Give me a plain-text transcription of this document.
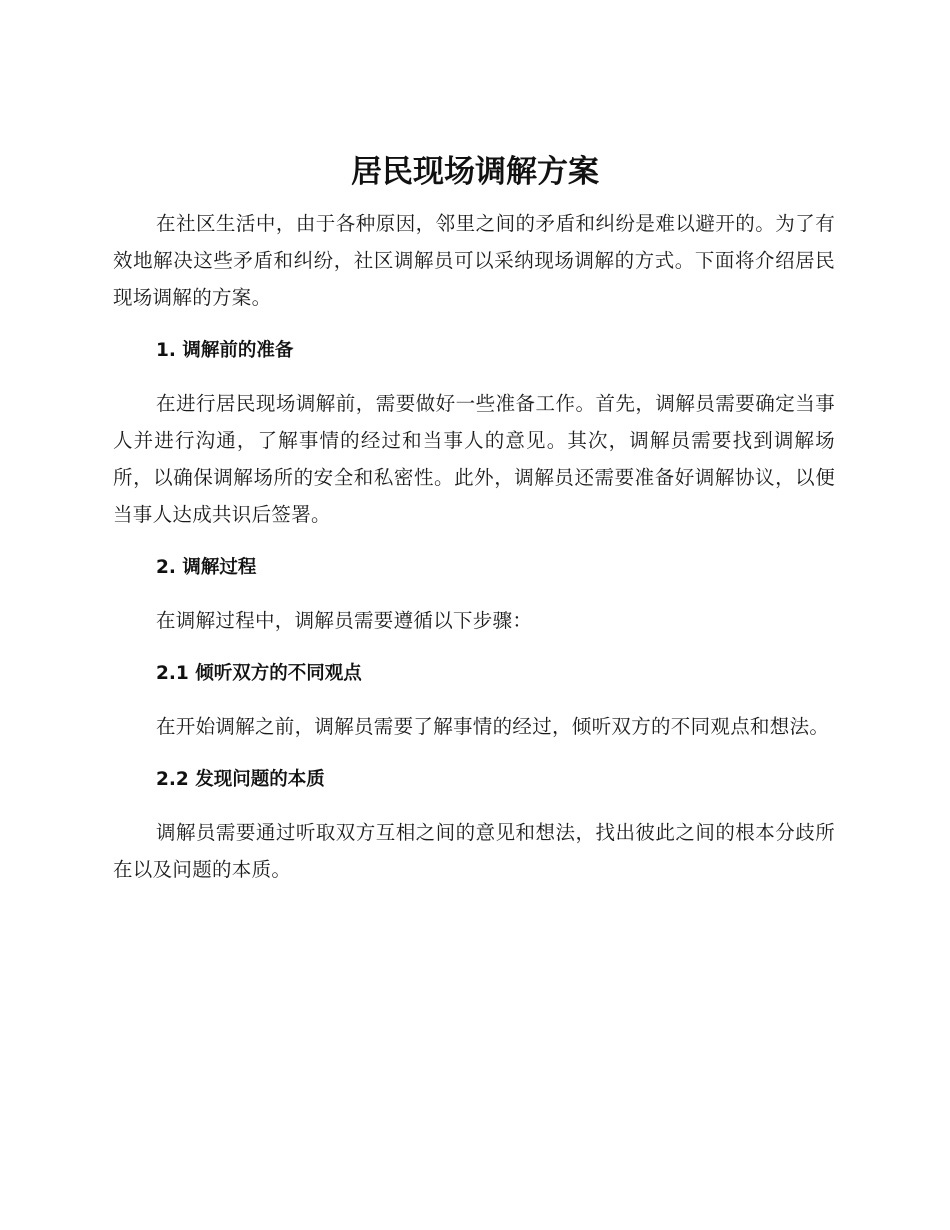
居民现场调解方案

在社区生活中，由于各种原因，邻里之间的矛盾和纠纷是难以避开的。为了有效地解决这些矛盾和纠纷，社区调解员可以采纳现场调解的方式。下面将介绍居民现场调解的方案。

1. 调解前的准备

在进行居民现场调解前，需要做好一些准备工作。首先，调解员需要确定当事人并进行沟通，了解事情的经过和当事人的意见。其次，调解员需要找到调解场所，以确保调解场所的安全和私密性。此外，调解员还需要准备好调解协议，以便当事人达成共识后签署。

2. 调解过程

在调解过程中，调解员需要遵循以下步骤：

2.1 倾听双方的不同观点

在开始调解之前，调解员需要了解事情的经过，倾听双方的不同观点和想法。

2.2 发现问题的本质

调解员需要通过听取双方互相之间的意见和想法，找出彼此之间的根本分歧所在以及问题的本质。
